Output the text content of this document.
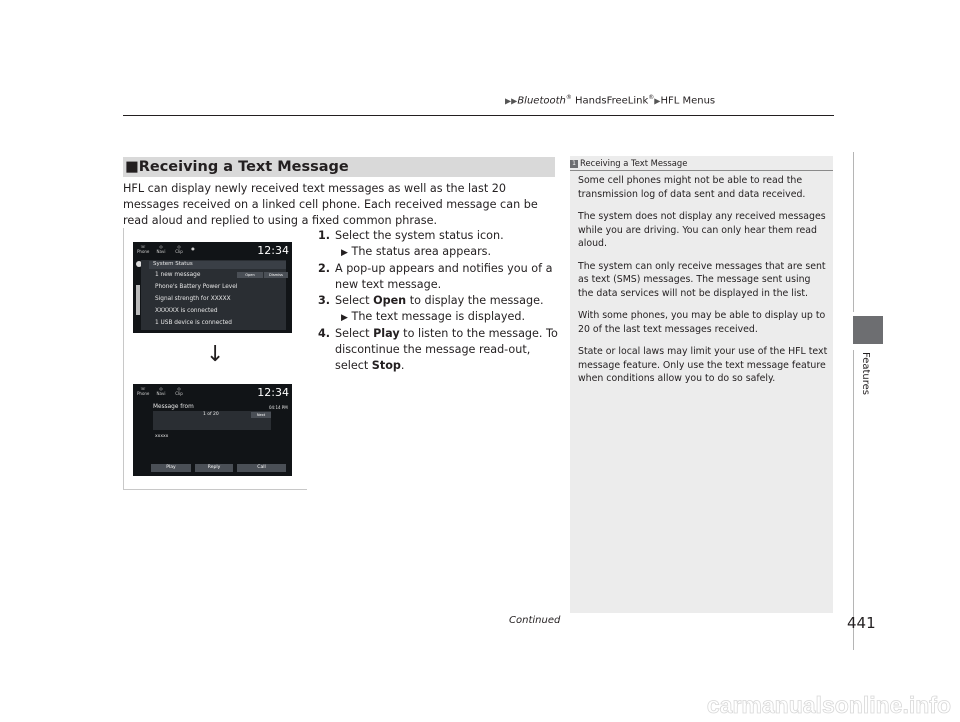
▶▶Bluetooth® HandsFreeLink®▶HFL Menus
Features
■Receiving a Text Message
HFL can display newly received text messages as well as the last 20 messages received on a linked cell phone. Each received message can be read aloud and replied to using a fixed common phrase.
☏
Phone
◎
Navi
◎
Clip
●	12:34
System Status
1 new message	Open	Dismiss
Phone's Battery Power Level
Signal strength for XXXXX
XXXXXX is connected
1 USB device is connected
↓
☏
Phone
◎
Navi
◎
Clip	12:34
Message from	04:14 PM
1 of 20	Next
xxxxx
Play	Reply	Call
1. Select the system status icon.
▶ The status area appears.
2. A pop-up appears and notifies you of a new text message.
3. Select Open to display the message.
▶ The text message is displayed.
4. Select Play to listen to the message. To discontinue the message read-out, select Stop.
1 Receiving a Text Message

Some cell phones might not be able to read the transmission log of data sent and data received.

The system does not display any received messages while you are driving. You can only hear them read aloud.

The system can only receive messages that are sent as text (SMS) messages. The message sent using the data services will not be displayed in the list.

With some phones, you may be able to display up to 20 of the last text messages received.

State or local laws may limit your use of the HFL text message feature. Only use the text message feature when conditions allow you to do so safely.

Continued	441
carmanualsonline.info
